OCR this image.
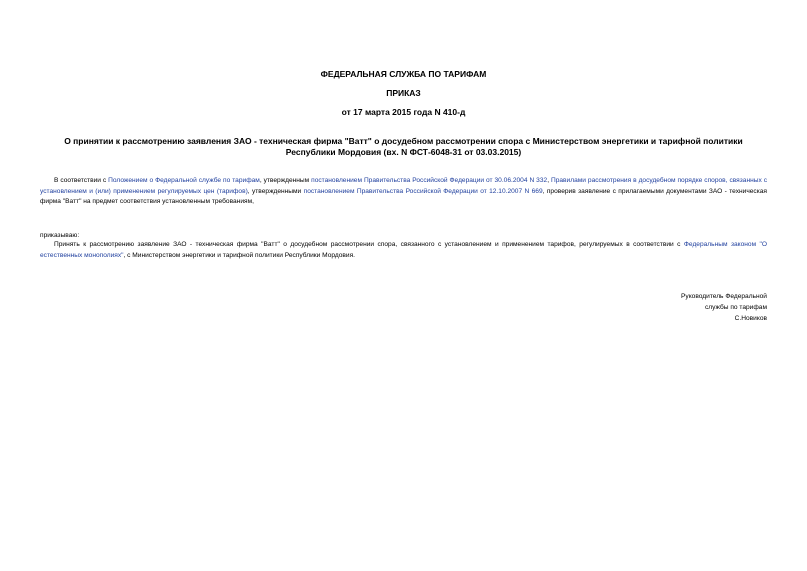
ФЕДЕРАЛЬНАЯ СЛУЖБА ПО ТАРИФАМ
ПРИКАЗ
от 17 марта 2015 года N 410-д
О принятии к рассмотрению заявления ЗАО - техническая фирма "Ватт" о досудебном рассмотрении спора с Министерством энергетики и тарифной политики Республики Мордовия (вх. N ФСТ-6048-31 от 03.03.2015)
В соответствии с Положением о Федеральной службе по тарифам, утвержденным постановлением Правительства Российской Федерации от 30.06.2004 N 332, Правилами рассмотрения в досудебном порядке споров, связанных с установлением и (или) применением регулируемых цен (тарифов), утвержденными постановлением Правительства Российской Федерации от 12.10.2007 N 669, проверив заявление с прилагаемыми документами ЗАО - техническая фирма "Ватт" на предмет соответствия установленным требованиям,
приказываю:
Принять к рассмотрению заявление ЗАО - техническая фирма "Ватт" о досудебном рассмотрении спора, связанного с установлением и применением тарифов, регулируемых в соответствии с Федеральным законом "О естественных монополиях", с Министерством энергетики и тарифной политики Республики Мордовия.
Руководитель Федеральной
службы по тарифам
С.Новиков
